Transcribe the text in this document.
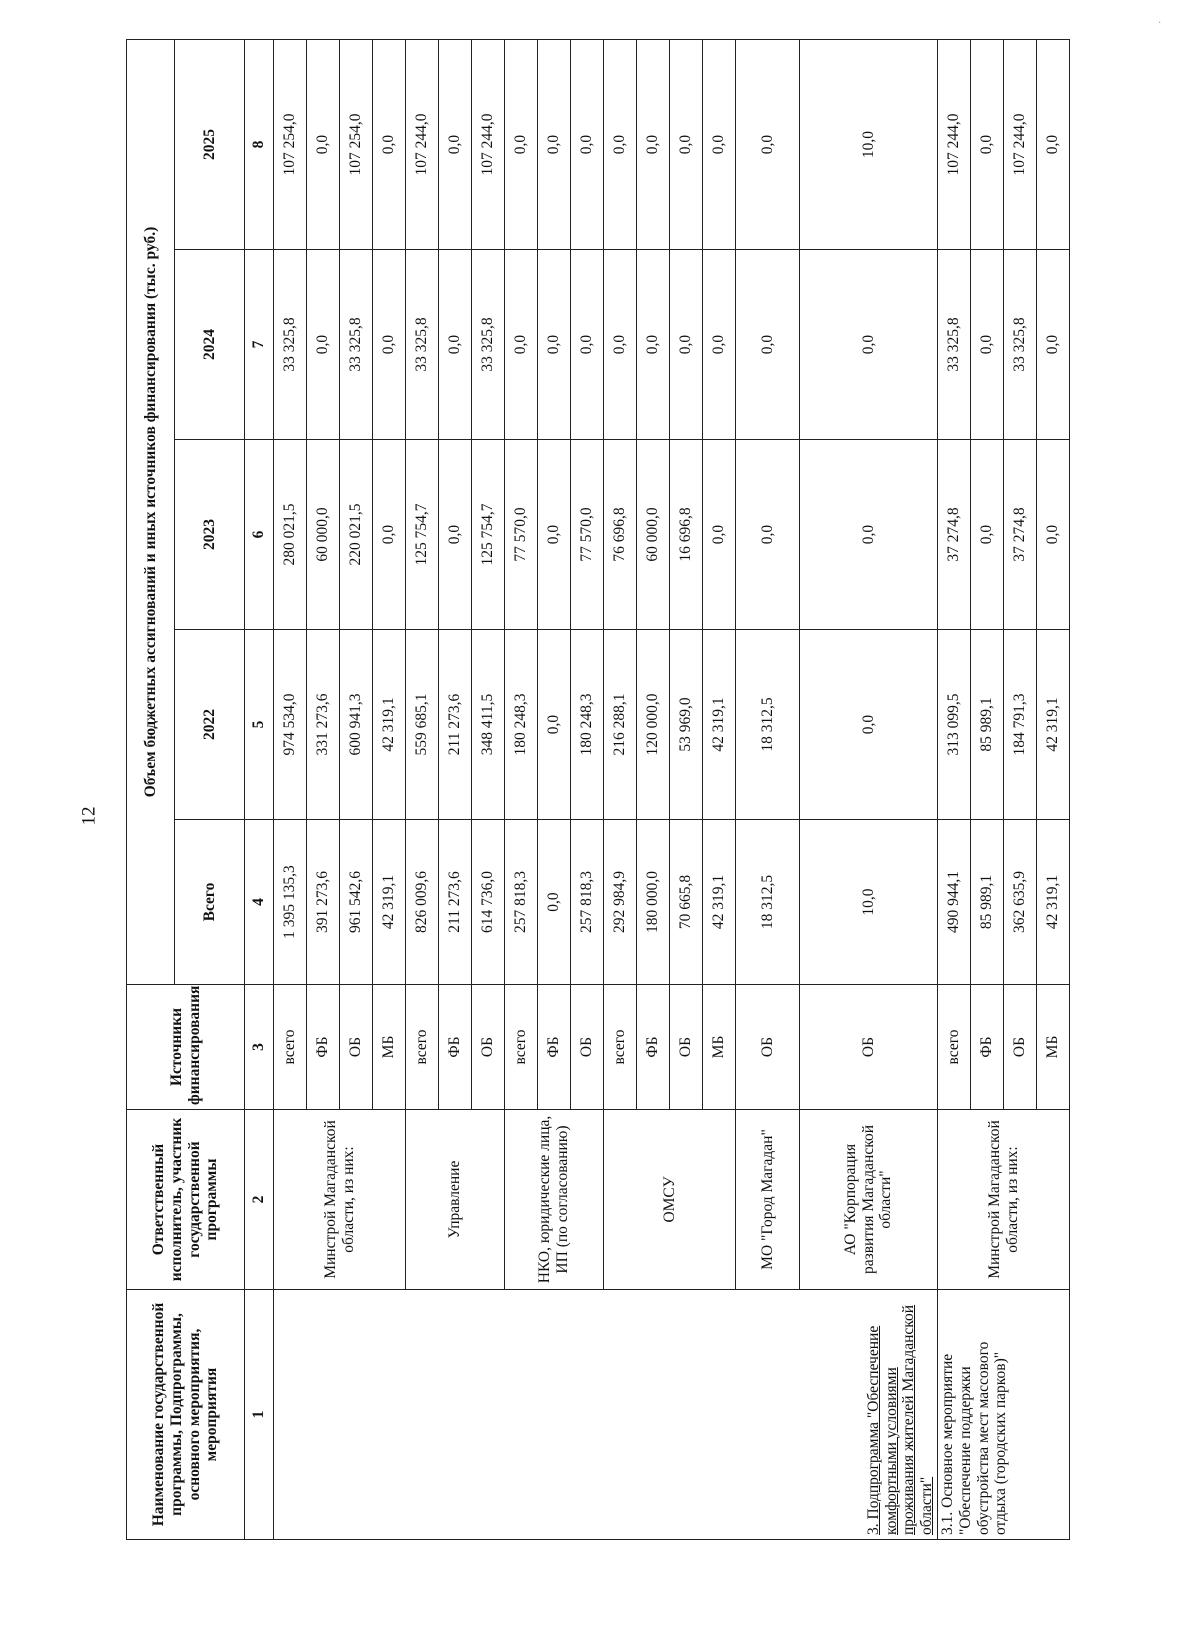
·
12
Наименование государственной программы, Подпрограммы, основного мероприятия, мероприятия	Ответственный исполнитель, участник государственной программы	Источники финансирования	Объем бюджетных ассигнований и иных источников финансирования (тыс. руб.)				
			Всего	2022	2023	2024	2025
1	2	3	4	5	6	7	8
3. Подпрограмма "Обеспечение комфортными условиями проживания жителей Магаданской области"	Минстрой Магаданской области, из них:	всего	1 395 135,3	974 534,0	280 021,5	33 325,8	107 254,0
		ФБ	391 273,6	331 273,6	60 000,0	0,0	0,0
		ОБ	961 542,6	600 941,3	220 021,5	33 325,8	107 254,0
		МБ	42 319,1	42 319,1	0,0	0,0	0,0
	Управление	всего	826 009,6	559 685,1	125 754,7	33 325,8	107 244,0
		ФБ	211 273,6	211 273,6	0,0	0,0	0,0
		ОБ	614 736,0	348 411,5	125 754,7	33 325,8	107 244,0
	НКО, юридические лица, ИП (по согласованию)	всего	257 818,3	180 248,3	77 570,0	0,0	0,0
		ФБ	0,0	0,0	0,0	0,0	0,0
		ОБ	257 818,3	180 248,3	77 570,0	0,0	0,0
	ОМСУ	всего	292 984,9	216 288,1	76 696,8	0,0	0,0
		ФБ	180 000,0	120 000,0	60 000,0	0,0	0,0
		ОБ	70 665,8	53 969,0	16 696,8	0,0	0,0
		МБ	42 319,1	42 319,1	0,0	0,0	0,0
	МО "Город Магадан"	ОБ	18 312,5	18 312,5	0,0	0,0	0,0
	АО "Корпорация развития Магаданской области"	ОБ	10,0	0,0	0,0	0,0	10,0
3.1. Основное мероприятие "Обеспечение поддержки обустройства мест массового отдыха (городских парков)"	Минстрой Магаданской области, из них:	всего	490 944,1	313 099,5	37 274,8	33 325,8	107 244,0
		ФБ	85 989,1	85 989,1	0,0	0,0	0,0
		ОБ	362 635,9	184 791,3	37 274,8	33 325,8	107 244,0
		МБ	42 319,1	42 319,1	0,0	0,0	0,0
